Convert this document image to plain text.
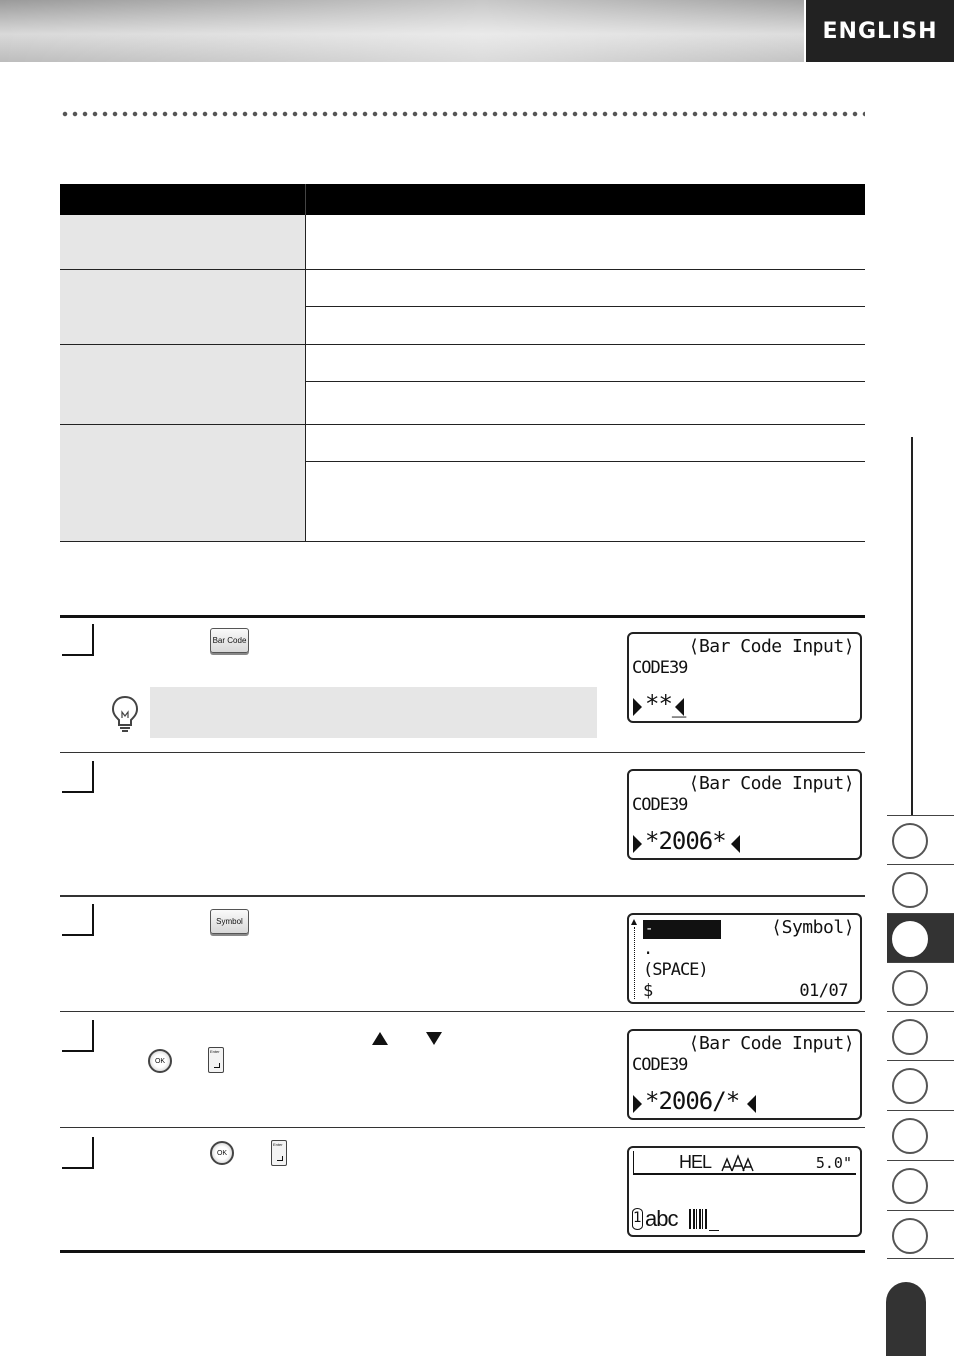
ENGLISH
Bar Code	⟨Bar Code Input⟩
CODE39
**_
⟨Bar Code Input⟩
CODE39
*2006*
Symbol	-	⟨Symbol⟩
.
(SPACE)
$	01/07
OK
Enter	⟨Bar Code Input⟩
CODE39
*2006/*
OK
Enter
HEL	5.0"
1 abc
